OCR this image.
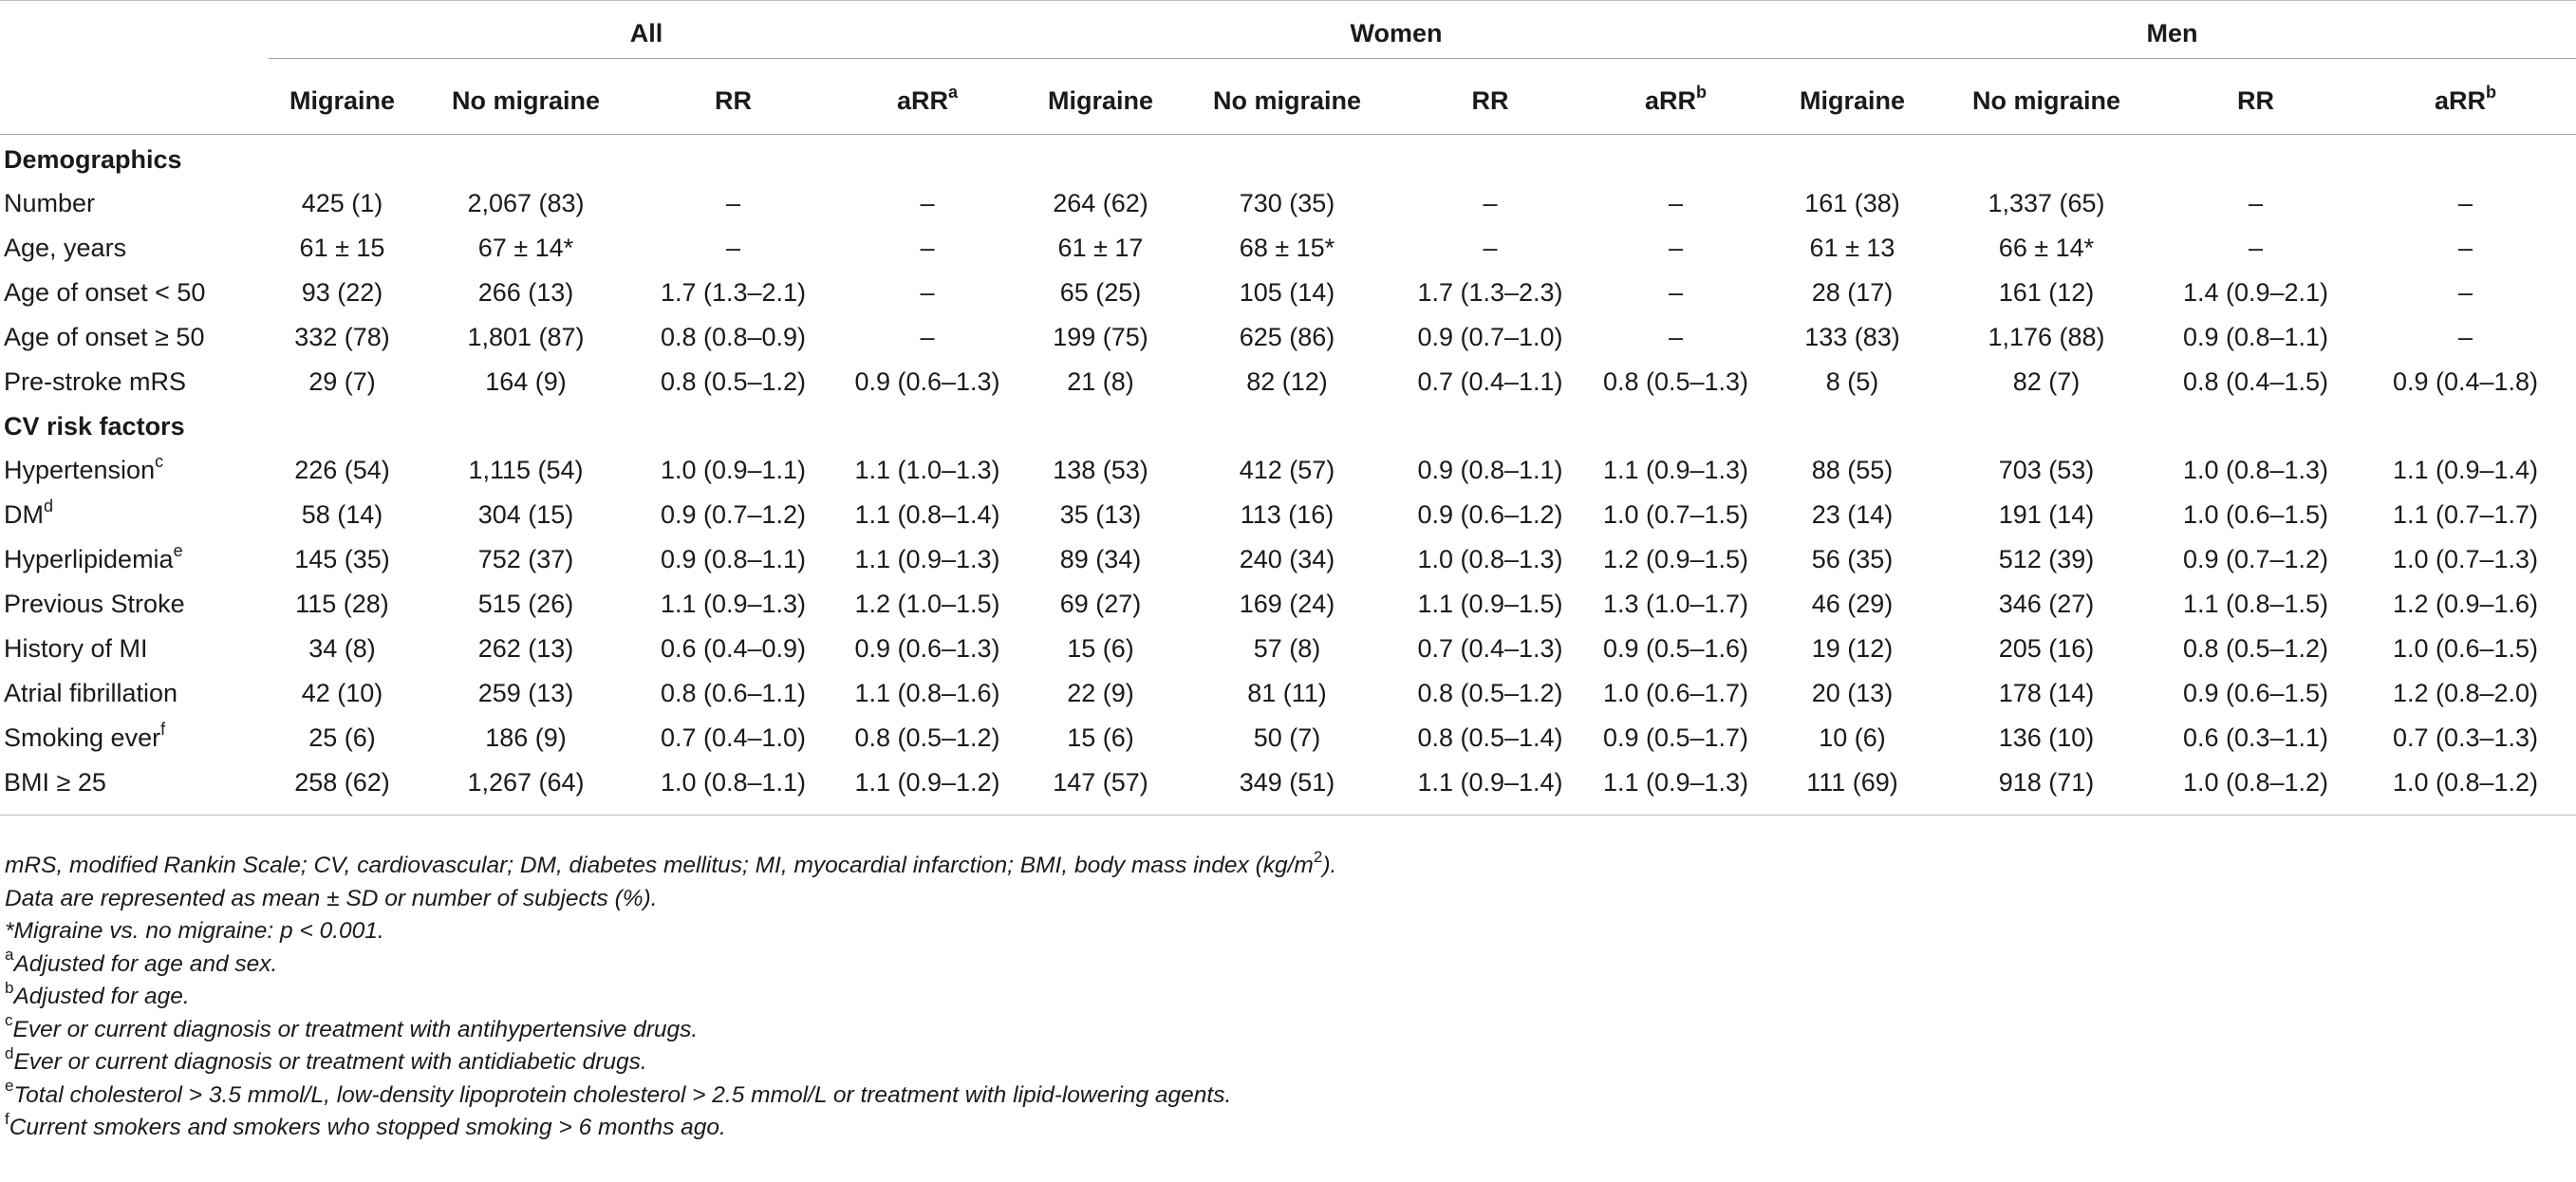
	All				Women				Men			

	Migraine	No migraine	RR	aRR$^a$	Migraine	No migraine	RR	aRR$^b$	Migraine	No migraine	RR	aRR$^b$

Demographics												
Number	425 (1)	2,067 (83)	–	–	264 (62)	730 (35)	–	–	161 (38)	1,337 (65)	–	–
Age, years	61 ± 15	67 ± 14*	–	–	61 ± 17	68 ± 15*	–	–	61 ± 13	66 ± 14*	–	–
Age of onset < 50	93 (22)	266 (13)	1.7 (1.3–2.1)	–	65 (25)	105 (14)	1.7 (1.3–2.3)	–	28 (17)	161 (12)	1.4 (0.9–2.1)	–
Age of onset ≥ 50	332 (78)	1,801 (87)	0.8 (0.8–0.9)	–	199 (75)	625 (86)	0.9 (0.7–1.0)	–	133 (83)	1,176 (88)	0.9 (0.8–1.1)	–
Pre-stroke mRS	29 (7)	164 (9)	0.8 (0.5–1.2)	0.9 (0.6–1.3)	21 (8)	82 (12)	0.7 (0.4–1.1)	0.8 (0.5–1.3)	8 (5)	82 (7)	0.8 (0.4–1.5)	0.9 (0.4–1.8)
CV risk factors												
Hypertension$^c$	226 (54)	1,115 (54)	1.0 (0.9–1.1)	1.1 (1.0–1.3)	138 (53)	412 (57)	0.9 (0.8–1.1)	1.1 (0.9–1.3)	88 (55)	703 (53)	1.0 (0.8–1.3)	1.1 (0.9–1.4)
$DM^d$	58 (14)	304 (15)	0.9 (0.7–1.2)	1.1 (0.8–1.4)	35 (13)	113 (16)	0.9 (0.6–1.2)	1.0 (0.7–1.5)	23 (14)	191 (14)	1.0 (0.6–1.5)	1.1 (0.7–1.7)
Hyperlipidemia$^e$	145 (35)	752 (37)	0.9 (0.8–1.1)	1.1 (0.9–1.3)	89 (34)	240 (34)	1.0 (0.8–1.3)	1.2 (0.9–1.5)	56 (35)	512 (39)	0.9 (0.7–1.2)	1.0 (0.7–1.3)
Previous Stroke	115 (28)	515 (26)	1.1 (0.9–1.3)	1.2 (1.0–1.5)	69 (27)	169 (24)	1.1 (0.9–1.5)	1.3 (1.0–1.7)	46 (29)	346 (27)	1.1 (0.8–1.5)	1.2 (0.9–1.6)
History of MI	34 (8)	262 (13)	0.6 (0.4–0.9)	0.9 (0.6–1.3)	15 (6)	57 (8)	0.7 (0.4–1.3)	0.9 (0.5–1.6)	19 (12)	205 (16)	0.8 (0.5–1.2)	1.0 (0.6–1.5)
Atrial fibrillation	42 (10)	259 (13)	0.8 (0.6–1.1)	1.1 (0.8–1.6)	22 (9)	81 (11)	0.8 (0.5–1.2)	1.0 (0.6–1.7)	20 (13)	178 (14)	0.9 (0.6–1.5)	1.2 (0.8–2.0)
Smoking ever$^f$	25 (6)	186 (9)	0.7 (0.4–1.0)	0.8 (0.5–1.2)	15 (6)	50 (7)	0.8 (0.5–1.4)	0.9 (0.5–1.7)	10 (6)	136 (10)	0.6 (0.3–1.1)	0.7 (0.3–1.3)
BMI ≥ 25	258 (62)	1,267 (64)	1.0 (0.8–1.1)	1.1 (0.9–1.2)	147 (57)	349 (51)	1.1 (0.9–1.4)	1.1 (0.9–1.3)	111 (69)	918 (71)	1.0 (0.8–1.2)	1.0 (0.8–1.2)

mRS, modified Rankin Scale; CV, cardiovascular; DM, diabetes mellitus; MI, myocardial infarction; BMI, body mass index $(kg/m^2)$.
Data are represented as mean ± SD or number of subjects (%).
*Migraine vs. no migraine: p < 0.001.
$^a$Adjusted for age and sex.
$^b$Adjusted for age.
$^c$Ever or current diagnosis or treatment with antihypertensive drugs.
$^d$Ever or current diagnosis or treatment with antidiabetic drugs.
$^e$Total cholesterol > 3.5 mmol/L, low-density lipoprotein cholesterol > 2.5 mmol/L or treatment with lipid-lowering agents.
$^f$Current smokers and smokers who stopped smoking > 6 months ago.
